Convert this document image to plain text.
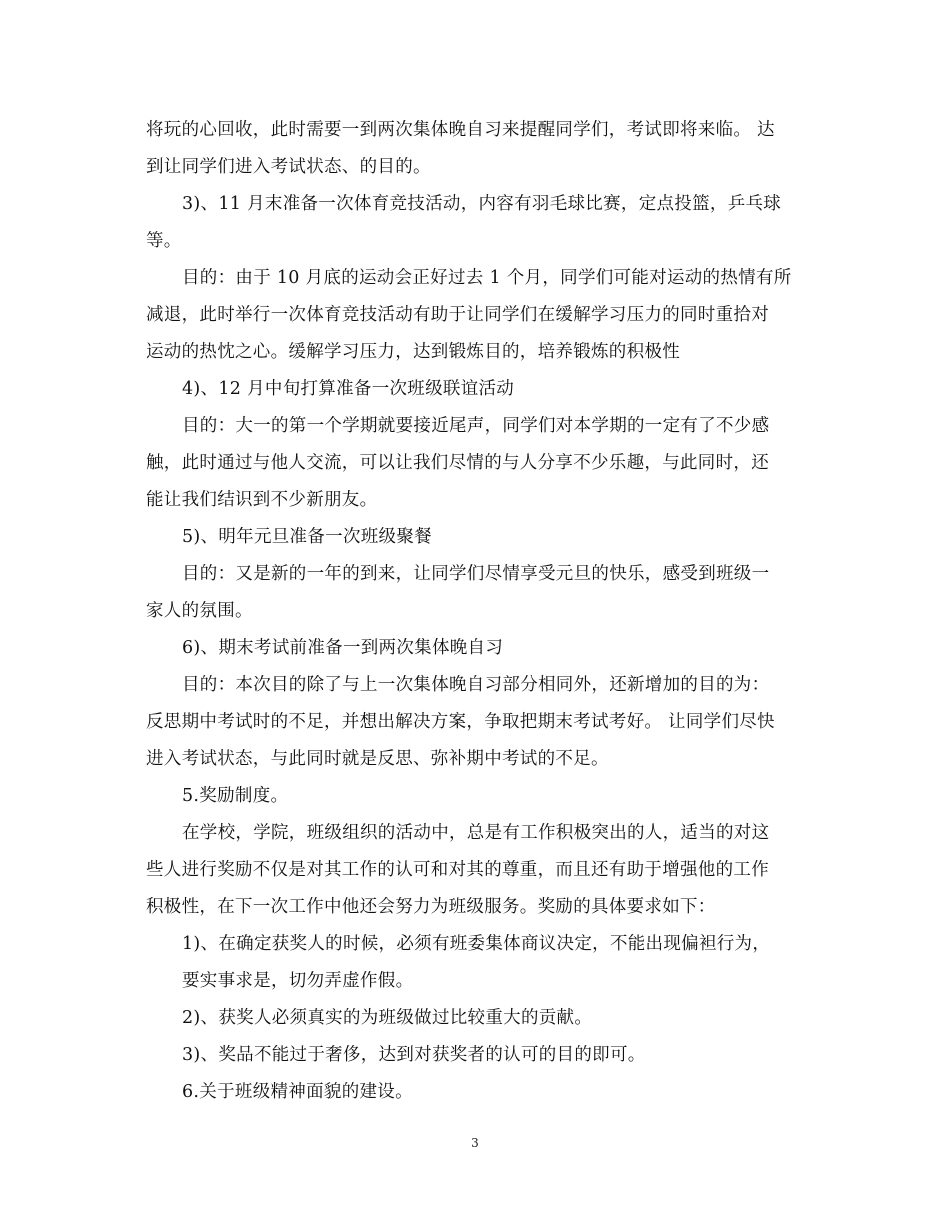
将玩的心回收，此时需要一到两次集体晚自习来提醒同学们，考试即将来临。 达
到让同学们进入考试状态、的目的。
3)、11 月末准备一次体育竞技活动，内容有羽毛球比赛，定点投篮，乒乓球
等。
目的：由于 10 月底的运动会正好过去 1 个月，同学们可能对运动的热情有所
减退，此时举行一次体育竞技活动有助于让同学们在缓解学习压力的同时重拾对
运动的热忱之心。缓解学习压力，达到锻炼目的，培养锻炼的积极性
4)、12 月中旬打算准备一次班级联谊活动
目的：大一的第一个学期就要接近尾声，同学们对本学期的一定有了不少感
触，此时通过与他人交流，可以让我们尽情的与人分享不少乐趣，与此同时，还
能让我们结识到不少新朋友。
5)、明年元旦准备一次班级聚餐
目的：又是新的一年的到来，让同学们尽情享受元旦的快乐，感受到班级一
家人的氛围。
6)、期末考试前准备一到两次集体晚自习
目的：本次目的除了与上一次集体晚自习部分相同外，还新增加的目的为：
反思期中考试时的不足，并想出解决方案，争取把期末考试考好。 让同学们尽快
进入考试状态，与此同时就是反思、弥补期中考试的不足。
5.奖励制度。
在学校，学院，班级组织的活动中，总是有工作积极突出的人，适当的对这
些人进行奖励不仅是对其工作的认可和对其的尊重，而且还有助于增强他的工作
积极性，在下一次工作中他还会努力为班级服务。奖励的具体要求如下：
1)、在确定获奖人的时候，必须有班委集体商议决定，不能出现偏袒行为，
要实事求是，切勿弄虚作假。
2)、获奖人必须真实的为班级做过比较重大的贡献。
3)、奖品不能过于奢侈，达到对获奖者的认可的目的即可。
6.关于班级精神面貌的建设。
3
